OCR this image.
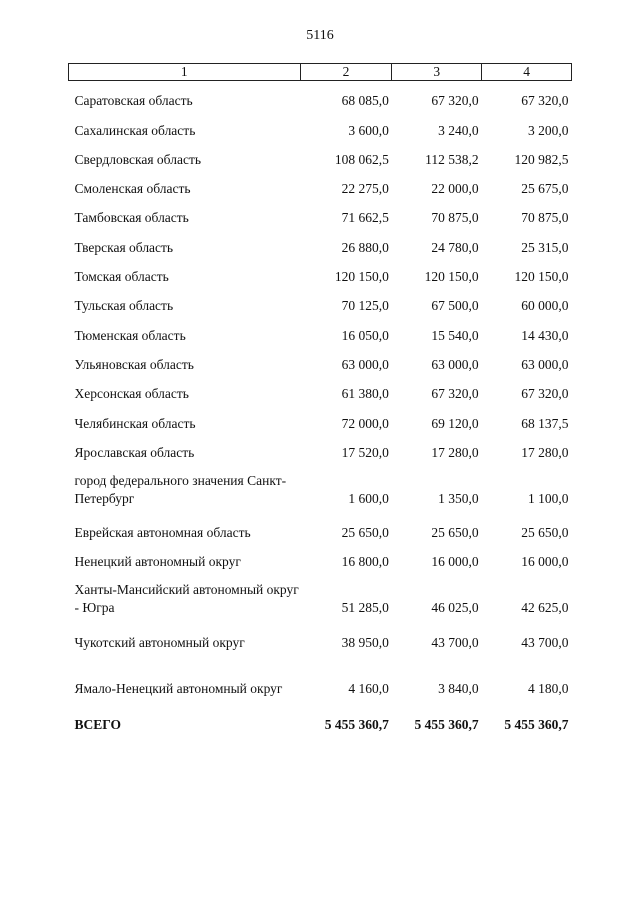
5116
1	2	3	4
Саратовская область	68 085,0	67 320,0	67 320,0
Сахалинская область	3 600,0	3 240,0	3 200,0
Свердловская область	108 062,5	112 538,2	120 982,5
Смоленская область	22 275,0	22 000,0	25 675,0
Тамбовская область	71 662,5	70 875,0	70 875,0
Тверская область	26 880,0	24 780,0	25 315,0
Томская область	120 150,0	120 150,0	120 150,0
Тульская область	70 125,0	67 500,0	60 000,0
Тюменская область	16 050,0	15 540,0	14 430,0
Ульяновская область	63 000,0	63 000,0	63 000,0
Херсонская область	61 380,0	67 320,0	67 320,0
Челябинская область	72 000,0	69 120,0	68 137,5
Ярославская область	17 520,0	17 280,0	17 280,0
город федерального значения Санкт-Петербург	1 600,0	1 350,0	1 100,0
Еврейская автономная область	25 650,0	25 650,0	25 650,0
Ненецкий автономный округ	16 800,0	16 000,0	16 000,0
Ханты-Мансийский автономный округ - Югра	51 285,0	46 025,0	42 625,0
Чукотский автономный округ	38 950,0	43 700,0	43 700,0
Ямало-Ненецкий автономный округ	4 160,0	3 840,0	4 180,0
ВСЕГО	5 455 360,7	5 455 360,7	5 455 360,7
